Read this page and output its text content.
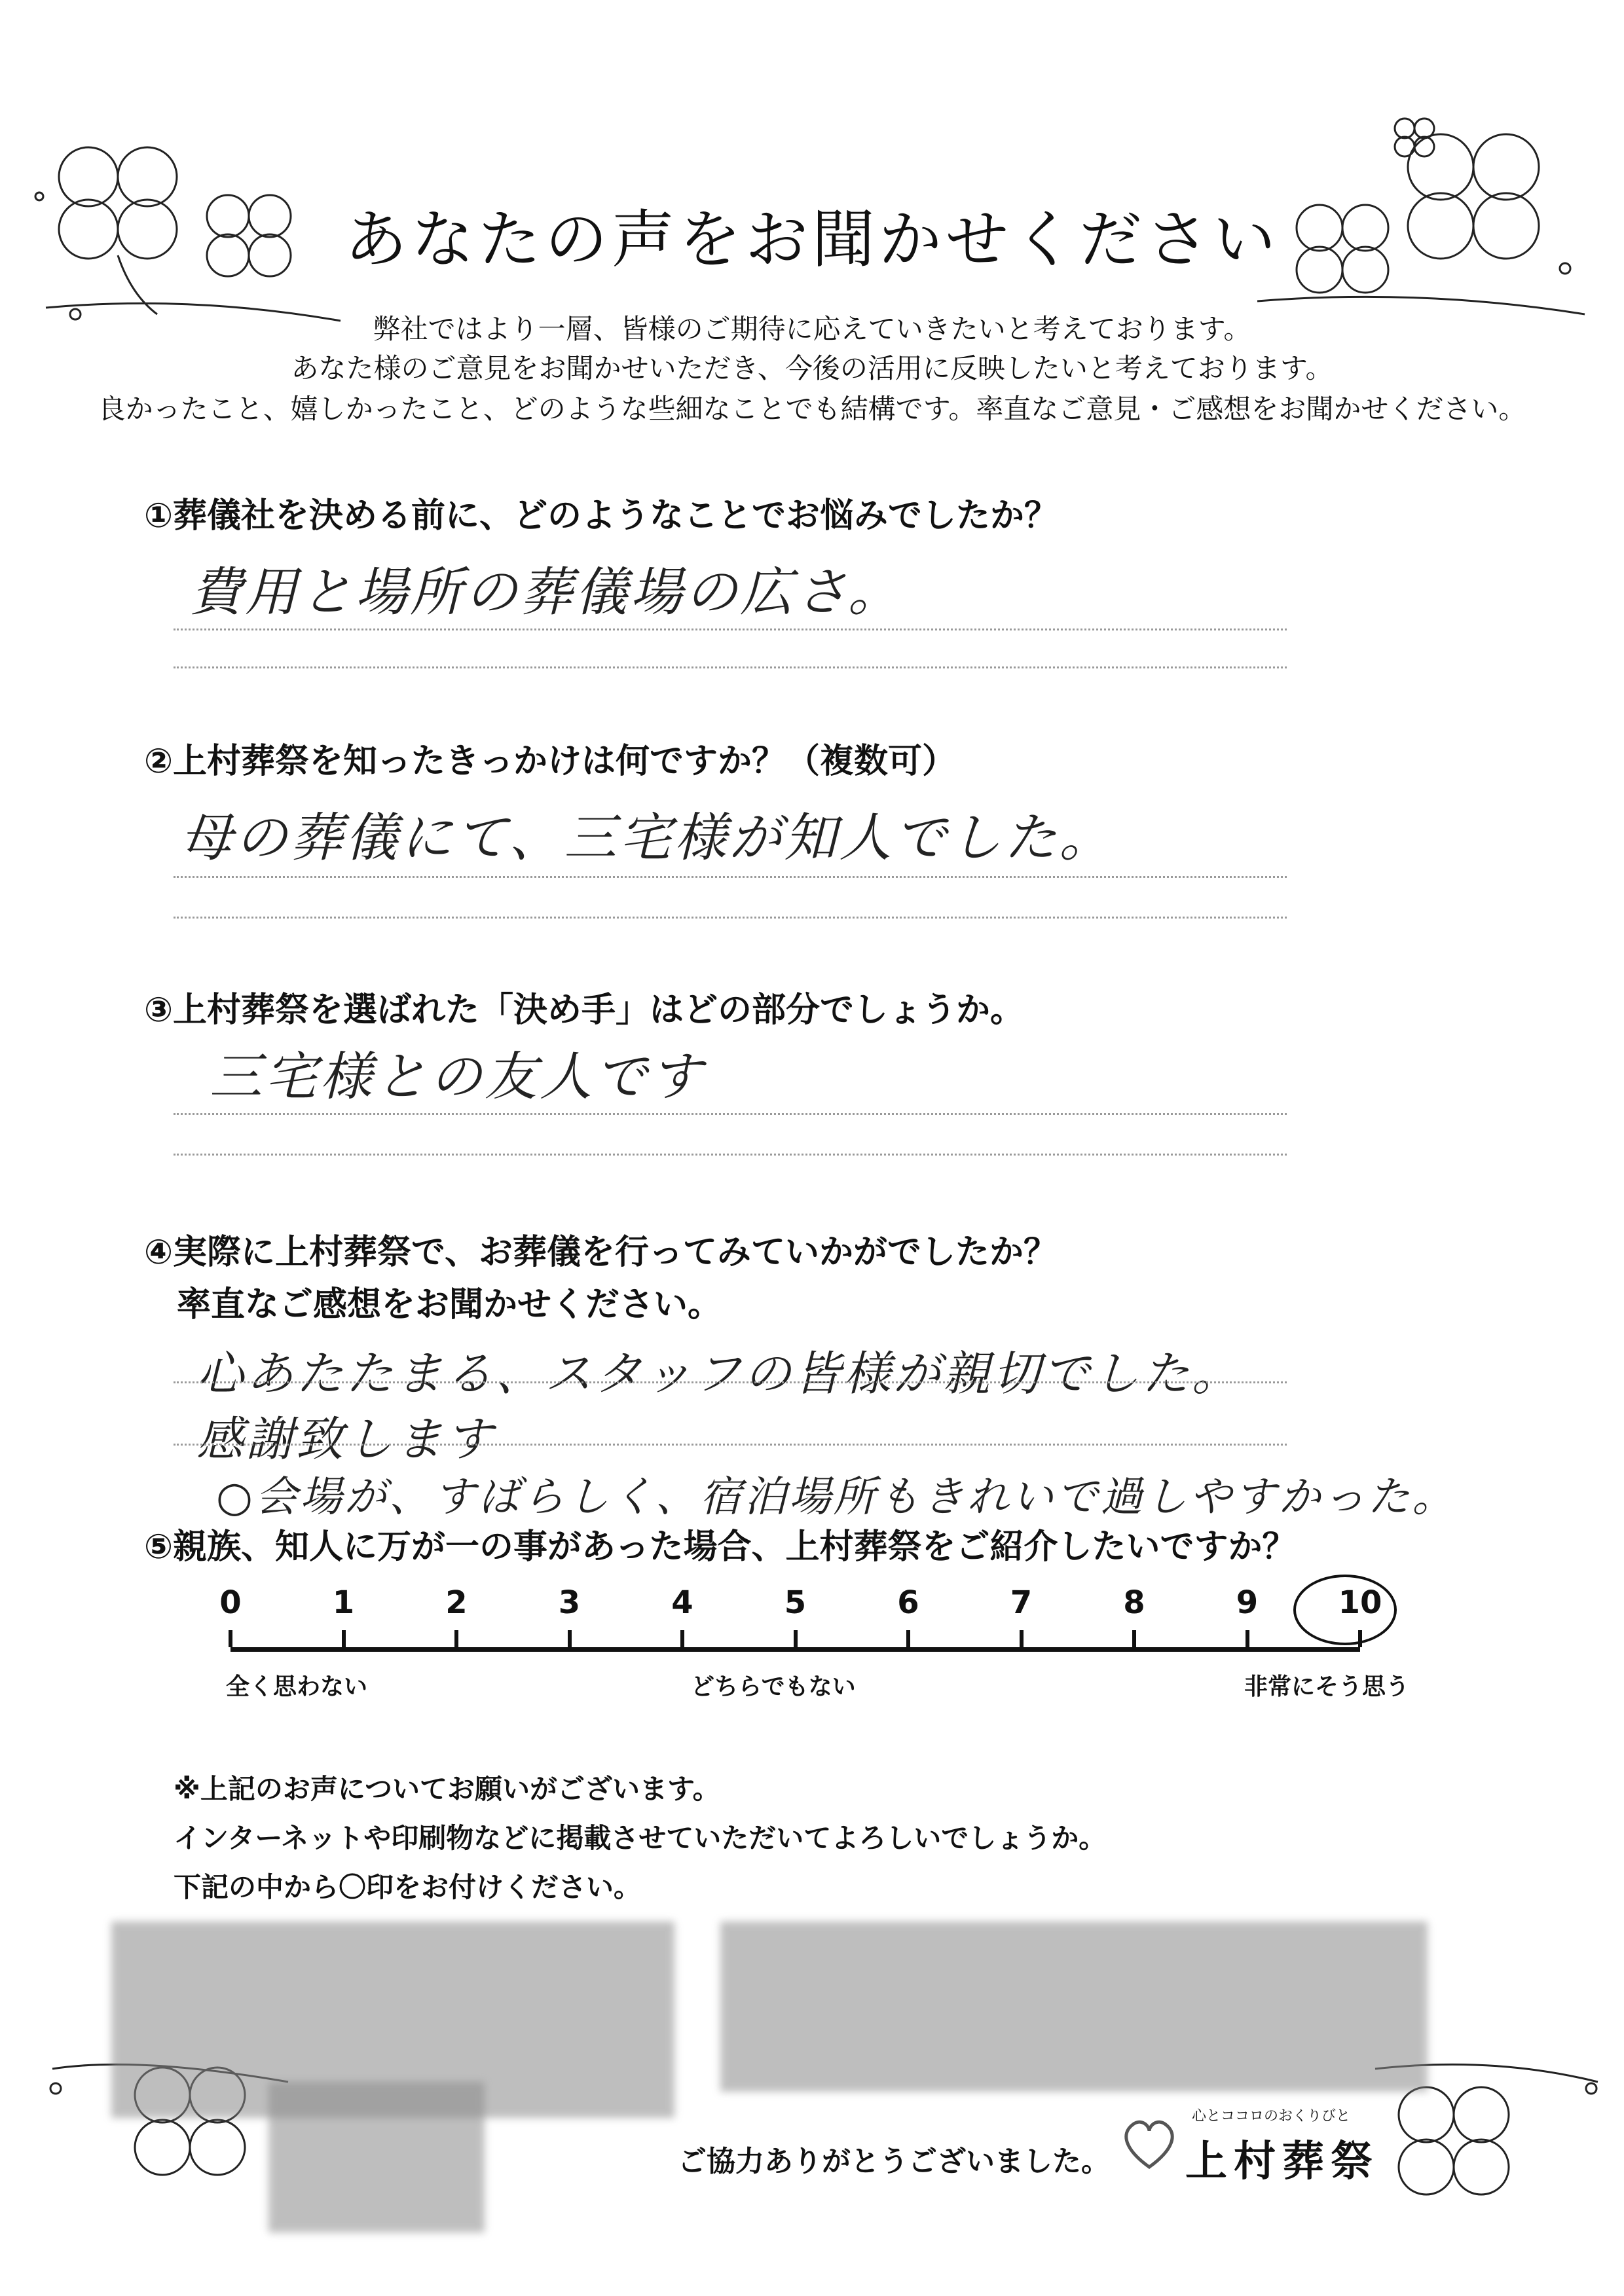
あなたの声をお聞かせください
弊社ではより一層、皆様のご期待に応えていきたいと考えております。
あなた様のご意見をお聞かせいただき、今後の活用に反映したいと考えております。
良かったこと、嬉しかったこと、どのような些細なことでも結構です。率直なご意見・ご感想をお聞かせください。
①葬儀社を決める前に、どのようなことでお悩みでしたか？
費用と場所の葬儀場の広さ。
②上村葬祭を知ったきっかけは何ですか？（複数可）
母の葬儀にて、三宅様が知人でした。
③上村葬祭を選ばれた「決め手」はどの部分でしょうか。
三宅様との友人です
④実際に上村葬祭で、お葬儀を行ってみていかがでしたか？
率直なご感想をお聞かせください。
心あたたまる、スタッフの皆様が親切でした。
感謝致します
○会場が、すばらしく、宿泊場所もきれいで過しやすかった。
⑤親族、知人に万が一の事があった場合、上村葬祭をご紹介したいですか？
0	1	2	3	4	5	6	7	8	9	10
全く思わない	どちらでもない	非常にそう思う
※上記のお声についてお願いがございます。
インターネットや印刷物などに掲載させていただいてよろしいでしょうか。
下記の中から〇印をお付けください。
ご協力ありがとうございました。
心とココロのおくりびと
上村葬祭
